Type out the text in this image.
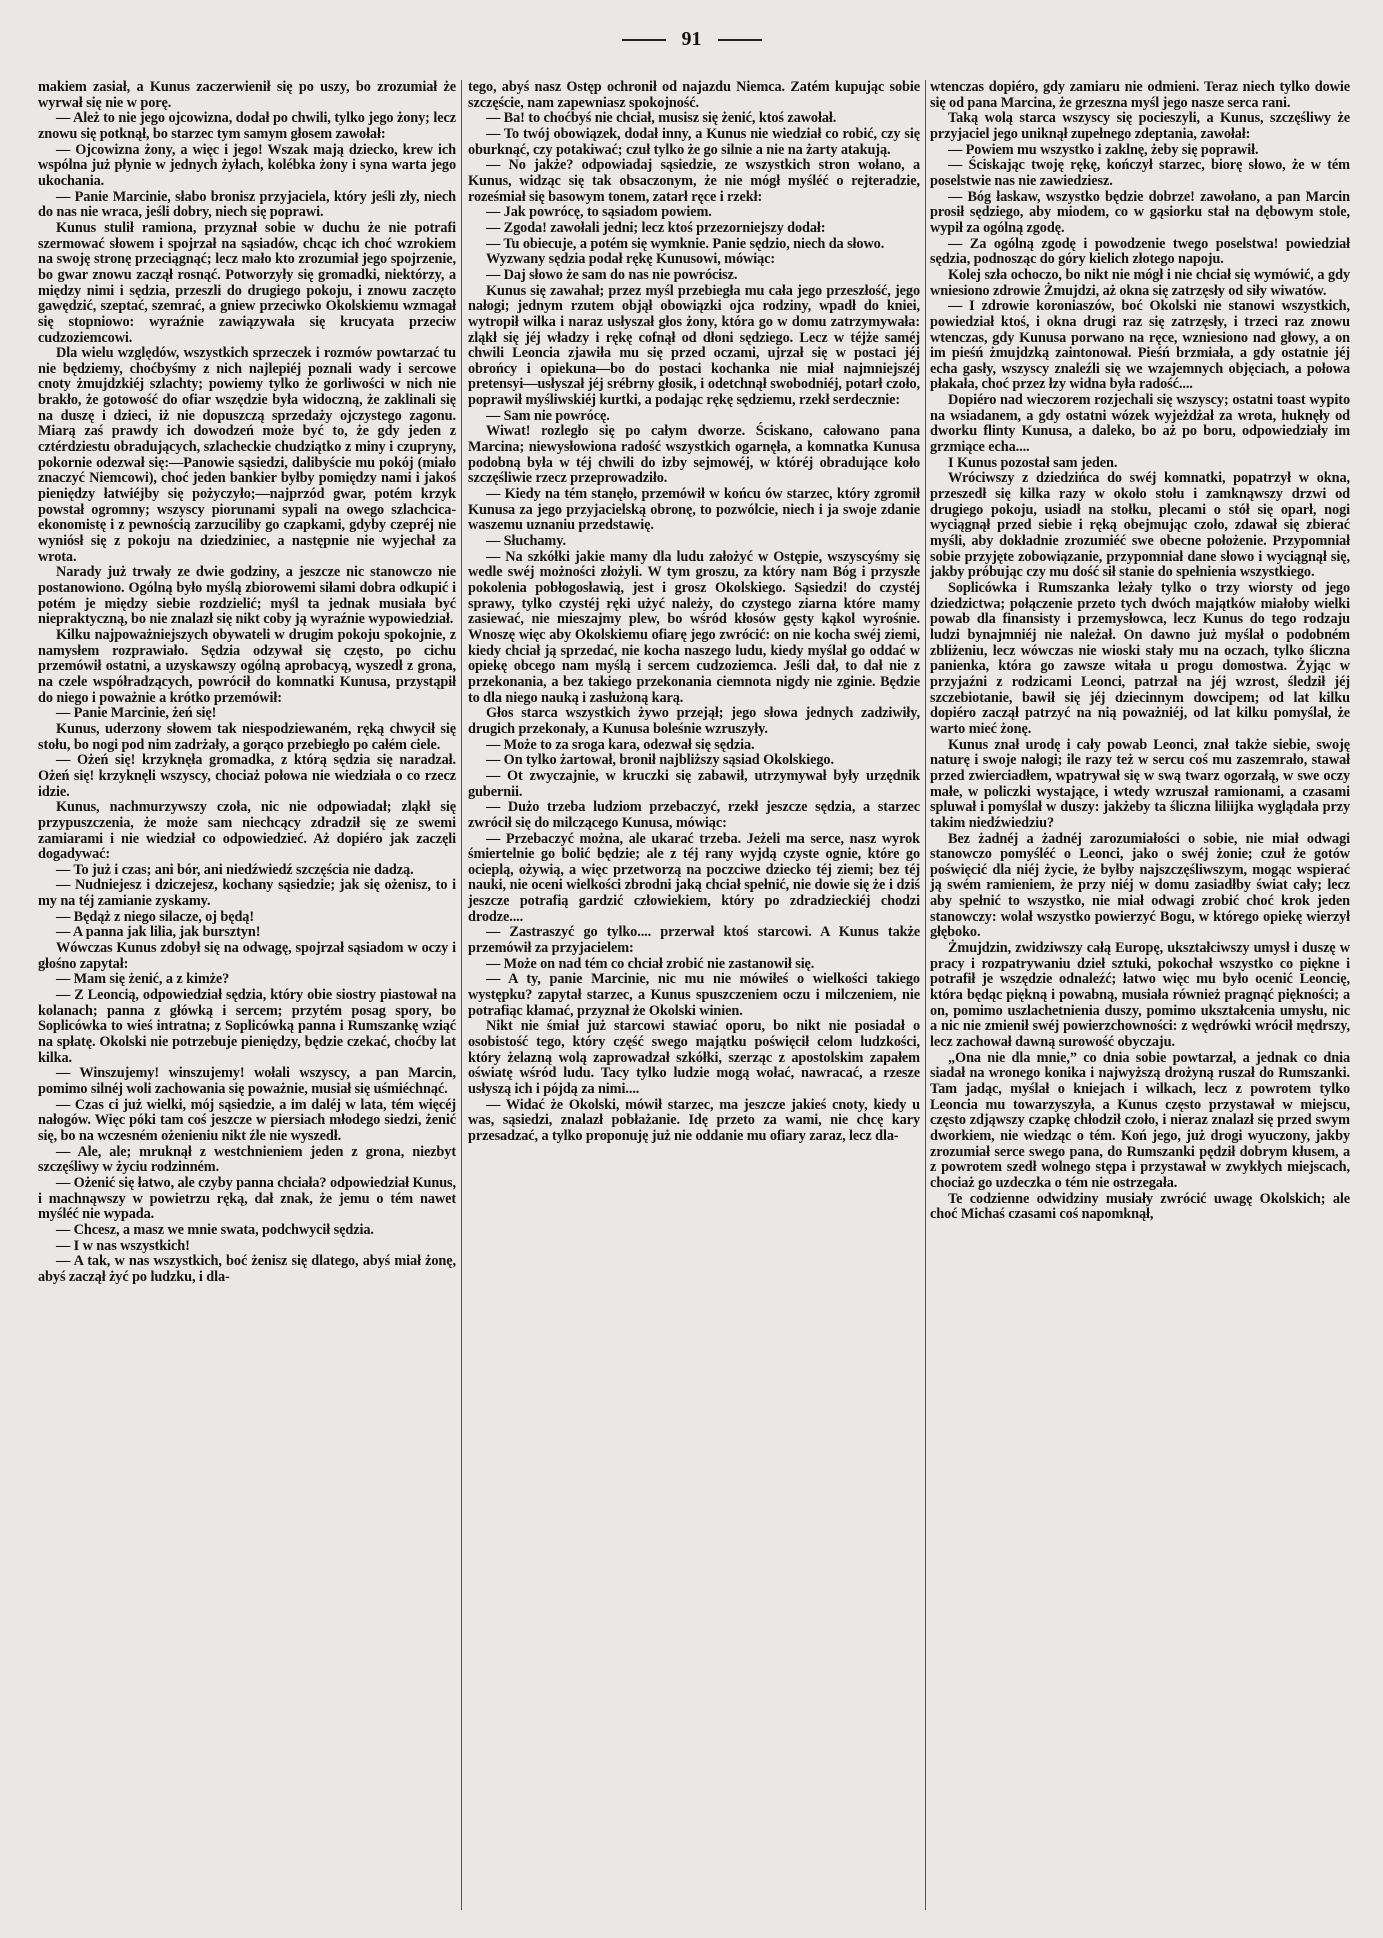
91

makiem zasiał, a Kunus zaczerwienił się po uszy, bo zrozumiał że wyrwał się nie w porę.

— Ależ to nie jego ojcowizna, dodał po chwili, tylko jego żony; lecz znowu się potknął, bo starzec tym samym głosem zawołał:

— Ojcowizna żony, a więc i jego! Wszak mają dziecko, krew ich wspólna już płynie w jednych żyłach, kolébka żony i syna warta jego ukochania.

— Panie Marcinie, słabo bronisz przyjaciela, który jeśli zły, niech do nas nie wraca, jeśli dobry, niech się poprawi.

Kunus stulił ramiona, przyznał sobie w duchu że nie potrafi szermować słowem i spojrzał na sąsiadów, chcąc ich choć wzrokiem na swoję stronę przeciągnąć; lecz mało kto zrozumiał jego spojrzenie, bo gwar znowu zaczął rosnąć. Potworzyły się gromadki, niektórzy, a między nimi i sędzia, przeszli do drugiego pokoju, i znowu zaczęto gawędzić, szeptać, szemrać, a gniew przeciwko Okolskiemu wzmagał się stopniowo: wyraźnie zawiązywała się krucyata przeciw cudzoziemcowi.

Dla wielu względów, wszystkich sprzeczek i rozmów powtarzać tu nie będziemy, choćbyśmy z nich najlepiéj poznali wady i sercowe cnoty żmujdzkiéj szlachty; powiemy tylko że gorliwości w nich nie brakło, że gotowość do ofiar wszędzie była widoczną, że zaklinali się na duszę i dzieci, iż nie dopuszczą sprzedaży ojczystego zagonu. Miarą zaś prawdy ich dowodzeń może być to, że gdy jeden z cztérdziestu obradujących, szlacheckie chudziątko z miny i czupryny, pokornie odezwał się:—Panowie sąsiedzi, dalibyście mu pokój (miało znaczyć Niemcowi), choć jeden bankier byłby pomiędzy nami i jakoś pieniędzy łatwiéjby się pożyczyło;—najprzód gwar, potém krzyk powstał ogromny; wszyscy piorunami sypali na owego szlachcica-ekonomistę i z pewnością zarzuciliby go czapkami, gdyby czepréj nie wyniósł się z pokoju na dziedziniec, a następnie nie wyjechał za wrota.

Narady już trwały ze dwie godziny, a jeszcze nic stanowczo nie postanowiono. Ogólną było myślą zbiorowemi siłami dobra odkupić i potém je między siebie rozdzielić; myśl ta jednak musiała być niepraktyczną, bo nie znalazł się nikt coby ją wyraźnie wypowiedział.

Kilku najpoważniejszych obywateli w drugim pokoju spokojnie, z namysłem rozprawiało. Sędzia odzywał się często, po cichu przemówił ostatni, a uzyskawszy ogólną aprobacyą, wyszedł z grona, na czele współradzących, powrócił do komnatki Kunusa, przystąpił do niego i poważnie a krótko przemówił:

— Panie Marcinie, żeń się!

Kunus, uderzony słowem tak niespodziewaném, ręką chwycił się stołu, bo nogi pod nim zadrżały, a gorąco przebiegło po całém ciele.

— Ożeń się! krzyknęła gromadka, z którą sędzia się naradzał. Ożeń się! krzyknęli wszyscy, chociaż połowa nie wiedziała o co rzecz idzie.

Kunus, nachmurzywszy czoła, nic nie odpowiadał; zląkł się przypuszczenia, że może sam niechcący zdradził się ze swemi zamiarami i nie wiedział co odpowiedzieć. Aż dopiéro jak zaczęli dogadywać:

— To już i czas; ani bór, ani niedźwiedź szczęścia nie dadzą.

— Nudniejesz i dziczejesz, kochany sąsiedzie; jak się ożenisz, to i my na téj zamianie zyskamy.

— Będąż z niego silacze, oj będą!

— A panna jak lilia, jak bursztyn!

Wówczas Kunus zdobył się na odwagę, spojrzał sąsiadom w oczy i głośno zapytał:

— Mam się żenić, a z kimże?

— Z Leoncią, odpowiedział sędzia, który obie siostry piastował na kolanach; panna z główką i sercem; przytém posag spory, bo Soplicówka to wieś intratna; z Soplicówką panna i Rumszankę wziąć na spłatę. Okolski nie potrzebuje pieniędzy, będzie czekać, choćby lat kilka.

— Winszujemy! winszujemy! wołali wszyscy, a pan Marcin, pomimo silnéj woli zachowania się poważnie, musiał się uśmiéchnąć.

— Czas ci już wielki, mój sąsiedzie, a im daléj w lata, tém więcéj nałogów. Więc póki tam coś jeszcze w piersiach młodego siedzi, żenić się, bo na wczesném ożenieniu nikt źle nie wyszedł.

— Ale, ale; mruknął z westchnieniem jeden z grona, niezbyt szczęśliwy w życiu rodzinném.

— Ożenić się łatwo, ale czyby panna chciała? odpowiedział Kunus, i machnąwszy w powietrzu ręką, dał znak, że jemu o tém nawet myśléć nie wypada.

— Chcesz, a masz we mnie swata, podchwycił sędzia.

— I w nas wszystkich!

— A tak, w nas wszystkich, boć żenisz się dlatego, abyś miał żonę, abyś zaczął żyć po ludzku, i dla-

tego, abyś nasz Ostęp ochronił od najazdu Niemca. Zatém kupując sobie szczęście, nam zapewniasz spokojność.

— Ba! to choćbyś nie chciał, musisz się żenić, ktoś zawołał.

— To twój obowiązek, dodał inny, a Kunus nie wiedział co robić, czy się oburknąć, czy potakiwać; czuł tylko że go silnie a nie na żarty atakują.

— No jakże? odpowiadaj sąsiedzie, ze wszystkich stron wołano, a Kunus, widząc się tak obsaczonym, że nie mógł myśléć o rejteradzie, roześmiał się basowym tonem, zatarł ręce i rzekł:

— Jak powrócę, to sąsiadom powiem.

— Zgoda! zawołali jedni; lecz ktoś przezorniejszy dodał:

— Tu obiecuje, a potém się wymknie. Panie sędzio, niech da słowo.

Wyzwany sędzia podał rękę Kunusowi, mówiąc:

— Daj słowo że sam do nas nie powrócisz.

Kunus się zawahał; przez myśl przebiegła mu cała jego przeszłość, jego nałogi; jednym rzutem objął obowiązki ojca rodziny, wpadł do kniei, wytropił wilka i naraz usłyszał głos żony, która go w domu zatrzymywała: zląkł się jéj władzy i rękę cofnął od dłoni sędziego. Lecz w téjże saméj chwili Leoncia zjawiła mu się przed oczami, ujrzał się w postaci jéj obrońcy i opiekuna—bo do postaci kochanka nie miał najmniejszéj pretensyi—usłyszał jéj srébrny głosik, i odetchnął swobodniéj, potarł czoło, poprawił myśliwskiéj kurtki, a podając rękę sędziemu, rzekł serdecznie:

— Sam nie powrócę.

Wiwat! rozległo się po całym dworze. Ściskano, całowano pana Marcina; niewysłowiona radość wszystkich ogarnęła, a komnatka Kunusa podobną była w téj chwili do izby sejmowéj, w któréj obradujące koło szczęśliwie rzecz przeprowadziło.

— Kiedy na tém stanęło, przemówił w końcu ów starzec, który zgromił Kunusa za jego przyjacielską obronę, to pozwólcie, niech i ja swoje zdanie waszemu uznaniu przedstawię.

— Słuchamy.

— Na szkółki jakie mamy dla ludu założyć w Ostępie, wszyscyśmy się wedle swéj możności złożyli. W tym groszu, za który nam Bóg i przyszłe pokolenia pobłogosławią, jest i grosz Okolskiego. Sąsiedzi! do czystéj sprawy, tylko czystéj ręki użyć należy, do czystego ziarna które mamy zasiewać, nie mieszajmy plew, bo wśród kłosów gęsty kąkol wyrośnie. Wnoszę więc aby Okolskiemu ofiarę jego zwrócić: on nie kocha swéj ziemi, kiedy chciał ją sprzedać, nie kocha naszego ludu, kiedy myślał go oddać w opiekę obcego nam myślą i sercem cudzoziemca. Jeśli dał, to dał nie z przekonania, a bez takiego przekonania ciemnota nigdy nie zginie. Będzie to dla niego nauką i zasłużoną karą.

Głos starca wszystkich żywo przejął; jego słowa jednych zadziwiły, drugich przekonały, a Kunusa boleśnie wzruszyły.

— Może to za sroga kara, odezwał się sędzia.

— On tylko żartował, bronił najbliższy sąsiad Okolskiego.

— Ot zwyczajnie, w kruczki się zabawił, utrzymywał były urzędnik gubernii.

— Dużo trzeba ludziom przebaczyć, rzekł jeszcze sędzia, a starzec zwrócił się do milczącego Kunusa, mówiąc:

— Przebaczyć można, ale ukarać trzeba. Jeżeli ma serce, nasz wyrok śmiertelnie go bolić będzie; ale z téj rany wyjdą czyste ognie, które go ocieplą, ożywią, a więc przetworzą na poczciwe dziecko téj ziemi; bez téj nauki, nie oceni wielkości zbrodni jaką chciał spełnić, nie dowie się że i dziś jeszcze potrafią gardzić człowiekiem, który po zdradzieckiéj chodzi drodze....

— Zastraszyć go tylko.... przerwał ktoś starcowi. A Kunus także przemówił za przyjacielem:

— Może on nad tém co chciał zrobić nie zastanowił się.

— A ty, panie Marcinie, nic mu nie mówiłeś o wielkości takiego występku? zapytał starzec, a Kunus spuszczeniem oczu i milczeniem, nie potrafiąc kłamać, przyznał że Okolski winien.

Nikt nie śmiał już starcowi stawiać oporu, bo nikt nie posiadał o osobistość tego, który część swego majątku poświęcił celom ludzkości, który żelazną wolą zaprowadzał szkółki, szerząc z apostolskim zapałem oświatę wśród ludu. Tacy tylko ludzie mogą wołać, nawracać, a rzesze usłyszą ich i pójdą za nimi....

— Widać że Okolski, mówił starzec, ma jeszcze jakieś cnoty, kiedy u was, sąsiedzi, znalazł pobłażanie. Idę przeto za wami, nie chcę kary przesadzać, a tylko proponuję już nie oddanie mu ofiary zaraz, lecz dla-

wtenczas dopiéro, gdy zamiaru nie odmieni. Teraz niech tylko dowie się od pana Marcina, że grzeszna myśl jego nasze serca rani.

Taką wolą starca wszyscy się pocieszyli, a Kunus, szczęśliwy że przyjaciel jego uniknął zupełnego zdeptania, zawołał:

— Powiem mu wszystko i zaklnę, żeby się poprawił.

— Ściskając twoję rękę, kończył starzec, biorę słowo, że w tém poselstwie nas nie zawiedziesz.

— Bóg łaskaw, wszystko będzie dobrze! zawołano, a pan Marcin prosił sędziego, aby miodem, co w gąsiorku stał na dębowym stole, wypił za ogólną zgodę.

— Za ogólną zgodę i powodzenie twego poselstwa! powiedział sędzia, podnosząc do góry kielich złotego napoju.

Kolej szła ochoczo, bo nikt nie mógł i nie chciał się wymówić, a gdy wniesiono zdrowie Żmujdzi, aż okna się zatrzęsły od siły wiwatów.

— I zdrowie koroniaszów, boć Okolski nie stanowi wszystkich, powiedział ktoś, i okna drugi raz się zatrzęsły, i trzeci raz znowu wtenczas, gdy Kunusa porwano na ręce, wzniesiono nad głowy, a on im pieśń żmujdzką zaintonował. Pieśń brzmiała, a gdy ostatnie jéj echa gasły, wszyscy znaleźli się we wzajemnych objęciach, a połowa płakała, choć przez łzy widna była radość....

Dopiéro nad wieczorem rozjechali się wszyscy; ostatni toast wypito na wsiadanem, a gdy ostatni wózek wyjeżdżał za wrota, huknęły od dworku flinty Kunusa, a daleko, bo aż po boru, odpowiedziały im grzmiące echa....

I Kunus pozostał sam jeden.

Wróciwszy z dziedzińca do swéj komnatki, popatrzył w okna, przeszedł się kilka razy w około stołu i zamknąwszy drzwi od drugiego pokoju, usiadł na stołku, plecami o stół się oparł, nogi wyciągnął przed siebie i ręką obejmując czoło, zdawał się zbierać myśli, aby dokładnie zrozumiéć swe obecne położenie. Przypomniał sobie przyjęte zobowiązanie, przypomniał dane słowo i wyciągnął się, jakby próbując czy mu dość sił stanie do spełnienia wszystkiego.

Soplicówka i Rumszanka leżały tylko o trzy wiorsty od jego dziedzictwa; połączenie przeto tych dwóch majątków miałoby wielki powab dla finansisty i przemysłowca, lecz Kunus do tego rodzaju ludzi bynajmniéj nie należał. On dawno już myślał o podobném zbliżeniu, lecz wówczas nie wioski stały mu na oczach, tylko śliczna panienka, która go zawsze witała u progu domostwa. Żyjąc w przyjaźni z rodzicami Leonci, patrzał na jéj wzrost, śledził jéj szczebiotanie, bawił się jéj dziecinnym dowcipem; od lat kilku dopiéro zaczął patrzyć na nią poważniéj, od lat kilku pomyślał, że warto mieć żonę.

Kunus znał urodę i cały powab Leonci, znał także siebie, swoję naturę i swoje nałogi; ile razy też w sercu coś mu zaszemrało, stawał przed zwierciadłem, wpatrywał się w swą twarz ogorzałą, w swe oczy małe, w policzki wystające, i wtedy wzruszał ramionami, a czasami spluwał i pomyślał w duszy: jakżeby ta śliczna liliijka wyglądała przy takim niedźwiedziu?

Bez żadnéj a żadnéj zarozumiałości o sobie, nie miał odwagi stanowczo pomyśléć o Leonci, jako o swéj żonie; czuł że gotów poświęcić dla niéj życie, że byłby najszczęśliwszym, mogąc wspierać ją swém ramieniem, że przy niéj w domu zasiadłby świat cały; lecz aby spełnić to wszystko, nie miał odwagi zrobić choć krok jeden stanowczy: wolał wszystko powierzyć Bogu, w którego opiekę wierzył głęboko.

Żmujdzin, zwidziwszy całą Europę, ukształciwszy umysł i duszę w pracy i rozpatrywaniu dzieł sztuki, pokochał wszystko co piękne i potrafił je wszędzie odnaleźć; łatwo więc mu było ocenić Leoncię, która będąc piękną i powabną, musiała również pragnąć piękności; a on, pomimo uszlachetnienia duszy, pomimo ukształcenia umysłu, nic a nic nie zmienił swéj powierzchowności: z wędrówki wrócił mędrszy, lecz zachował dawną surowość obyczaju.

„Ona nie dla mnie,” co dnia sobie powtarzał, a jednak co dnia siadał na wronego konika i najwyższą drożyną ruszał do Rumszanki. Tam jadąc, myślał o kniejach i wilkach, lecz z powrotem tylko Leoncia mu towarzyszyła, a Kunus często przystawał w miejscu, często zdjąwszy czapkę chłodził czoło, i nieraz znalazł się przed swym dworkiem, nie wiedząc o tém. Koń jego, już drogi wyuczony, jakby zrozumiał serce swego pana, do Rumszanki pędził dobrym kłusem, a z powrotem szedł wolnego stępa i przystawał w zwykłych miejscach, chociaż go uzdeczka o tém nie ostrzegała.

Te codzienne odwidziny musiały zwrócić uwagę Okolskich; ale choć Michaś czasami coś napomknął,
